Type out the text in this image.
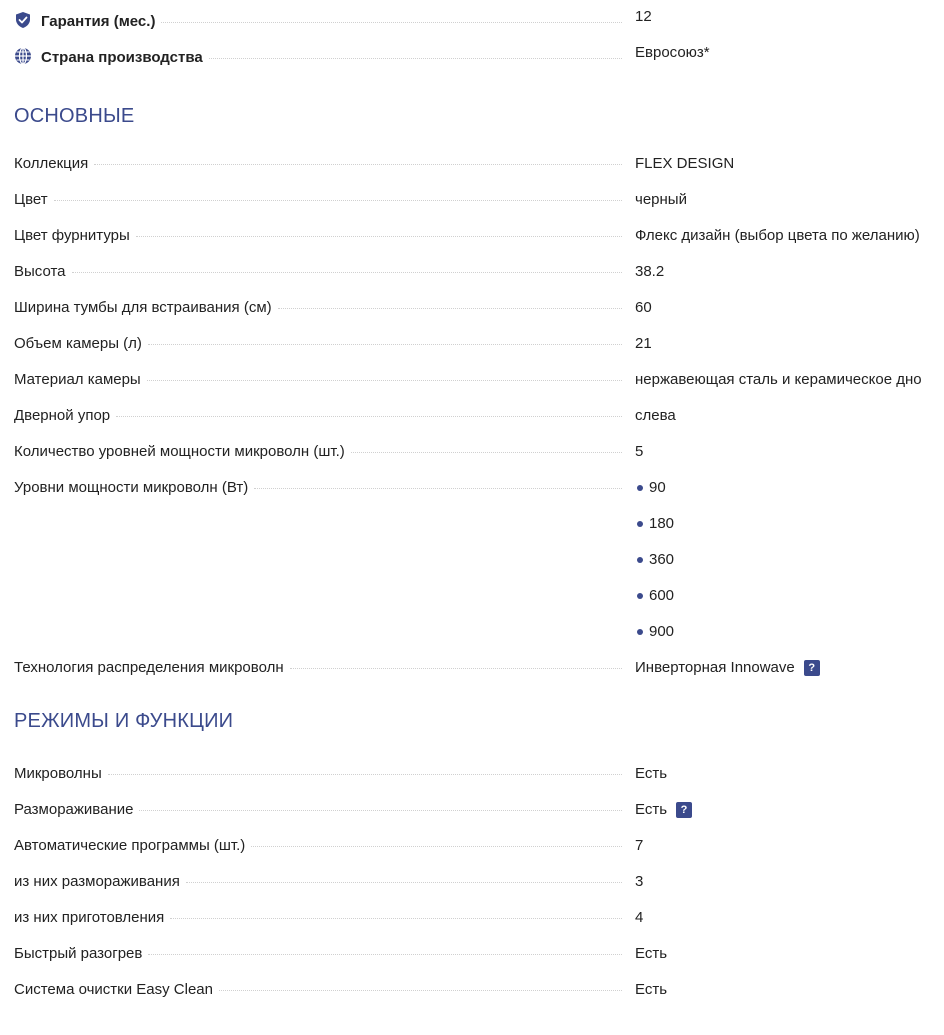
Гарантия (мес.)	12
Страна производства	Евросоюз*
ОСНОВНЫЕ
Коллекция	FLEX DESIGN
Цвет	черный
Цвет фурнитуры	Флекс дизайн (выбор цвета по желанию)
Высота	38.2
Ширина тумбы для встраивания (см)	60
Объем камеры (л)	21
Материал камеры	нержавеющая сталь и керамическое дно
Дверной упор	слева
Количество уровней мощности микроволн (шт.)	5
Уровни мощности микроволн (Вт)	90
180
360
600
900
Технология распределения микроволн	Инверторная Innowave	?
РЕЖИМЫ И ФУНКЦИИ
Микроволны	Есть
Размораживание	Есть	?
Автоматические программы (шт.)	7
из них размораживания	3
из них приготовления	4
Быстрый разогрев	Есть
Система очистки Easy Clean	Есть
